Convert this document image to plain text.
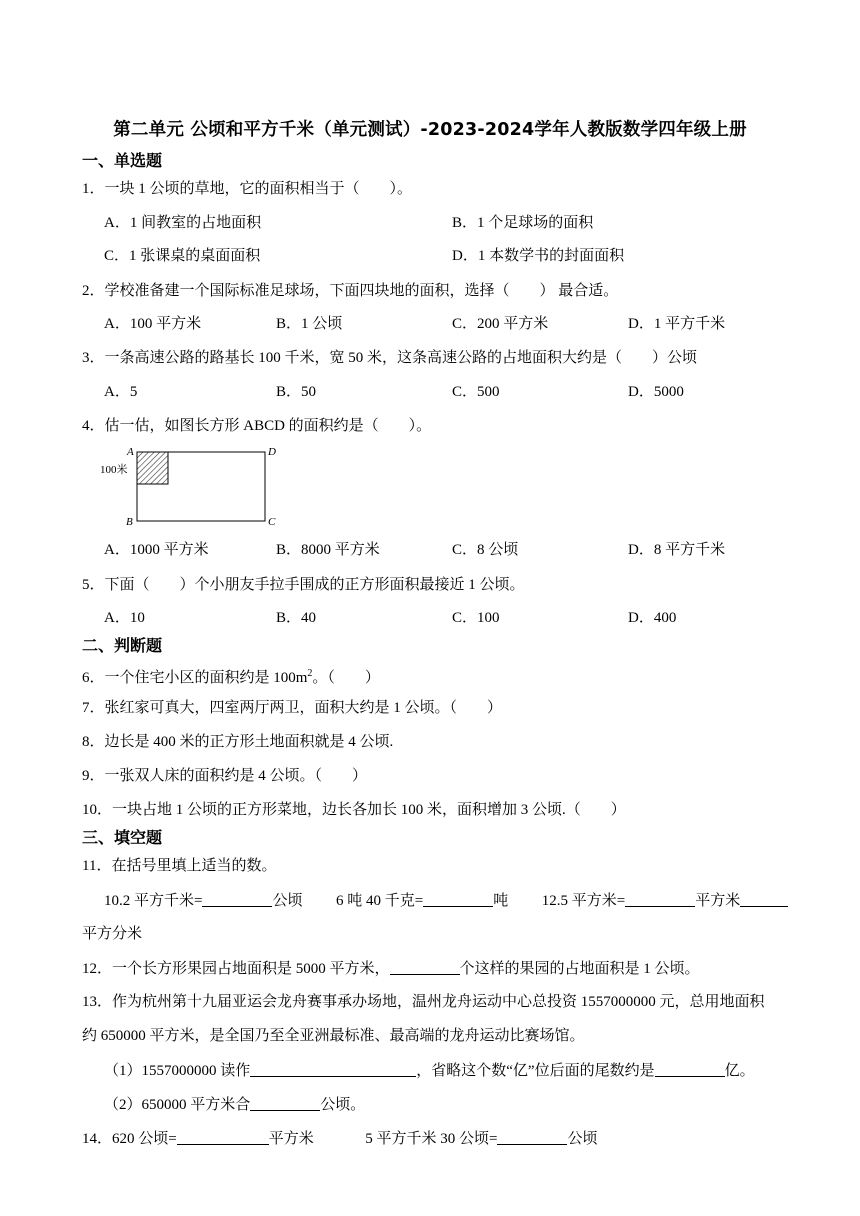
第二单元 公顷和平方千米（单元测试）-2023-2024学年人教版数学四年级上册
一、单选题
1．一块 1 公顷的草地，它的面积相当于（　　）。
A．1 间教室的占地面积	B．1 个足球场的面积
C．1 张课桌的桌面面积	D．1 本数学书的封面面积
2．学校准备建一个国际标准足球场，下面四块地的面积，选择（　　） 最合适。
A．100 平方米	B．1 公顷	C．200 平方米	D．1 平方千米
3．一条高速公路的路基长 100 千米，宽 50 米，这条高速公路的占地面积大约是（　　）公顷
A．5	B．50	C．500	D．5000
4．估一估，如图长方形 ABCD 的面积约是（　　）。
A	D
B	C
100米
A．1000 平方米	B．8000 平方米	C．8 公顷	D．8 平方千米
5．下面（　　）个小朋友手拉手围成的正方形面积最接近 1 公顷。
A．10	B．40	C．100	D．400
二、判断题
6．一个住宅小区的面积约是 $100m^2$。（　　）
7．张红家可真大，四室两厅两卫，面积大约是 1 公顷。（　　）
8．边长是 400 米的正方形土地面积就是 4 公顷.
9．一张双人床的面积约是 4 公顷。（　　）
10．一块占地 1 公顷的正方形菜地，边长各加长 100 米，面积增加 3 公顷.（　　）
三、填空题
11．在括号里填上适当的数。
10.2 平方千米=	公顷 6 吨 40 千克=	吨 12.5 平方米=	平方米
平方分米
12．一个长方形果园占地面积是 5000 平方米，	个这样的果园的占地面积是 1 公顷。
13．作为杭州第十九届亚运会龙舟赛事承办场地，温州龙舟运动中心总投资 1557000000 元，总用地面积
约 650000 平方米，是全国乃至全亚洲最标准、最高端的龙舟运动比赛场馆。
（1）1557000000 读作	，省略这个数“亿”位后面的尾数约是	亿。
（2）650000 平方米合	公顷。
14．620 公顷=	平方米	5 平方千米 30 公顷=	公顷
